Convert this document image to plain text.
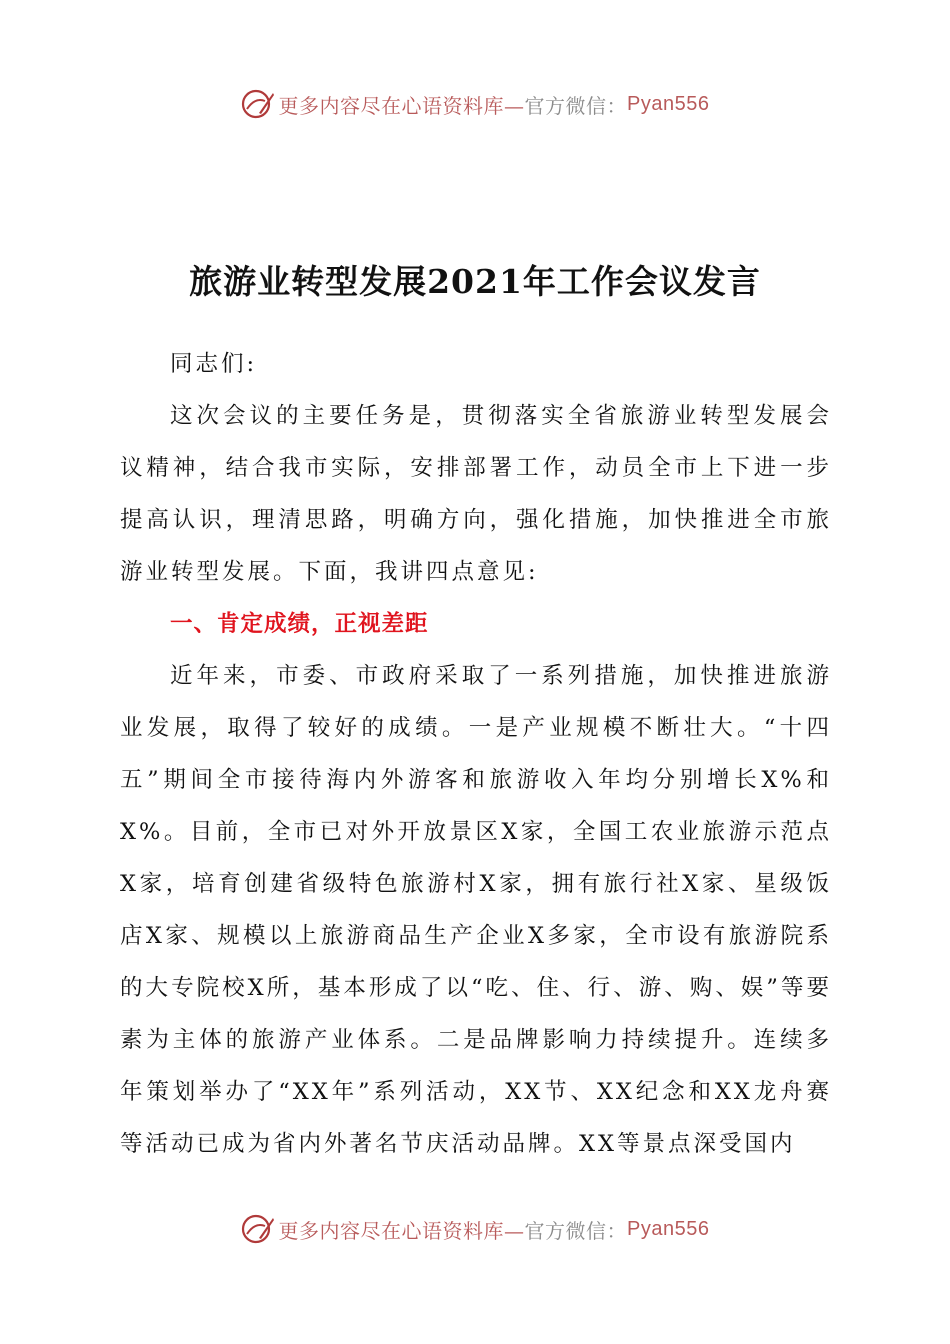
更多内容尽在心语资料库— 官方微信： Pyan556
旅游业转型发展2021年工作会议发言

同志们:

这次会议的主要任务是，贯彻落实全省旅游业转型发展会议精神，结合我市实际，安排部署工作，动员全市上下进一步提高认识，理清思路，明确方向，强化措施，加快推进全市旅游业转型发展。下面，我讲四点意见:

一、肯定成绩，正视差距

近年来，市委、市政府采取了一系列措施，加快推进旅游业发展，取得了较好的成绩。一是产业规模不断壮大。“十四五”期间全市接待海内外游客和旅游收入年均分别增长X%和X%。目前，全市已对外开放景区X家，全国工农业旅游示范点X家，培育创建省级特色旅游村X家，拥有旅行社X家、星级饭店X家、规模以上旅游商品生产企业X多家，全市设有旅游院系的大专院校X所，基本形成了以“吃、住、行、游、购、娱”等要素为主体的旅游产业体系。二是品牌影响力持续提升。连续多年策划举办了“XX年”系列活动，XX节、XX纪念和XX龙舟赛等活动已成为省内外著名节庆活动品牌。XX等景点深受国内

更多内容尽在心语资料库— 官方微信： Pyan556
